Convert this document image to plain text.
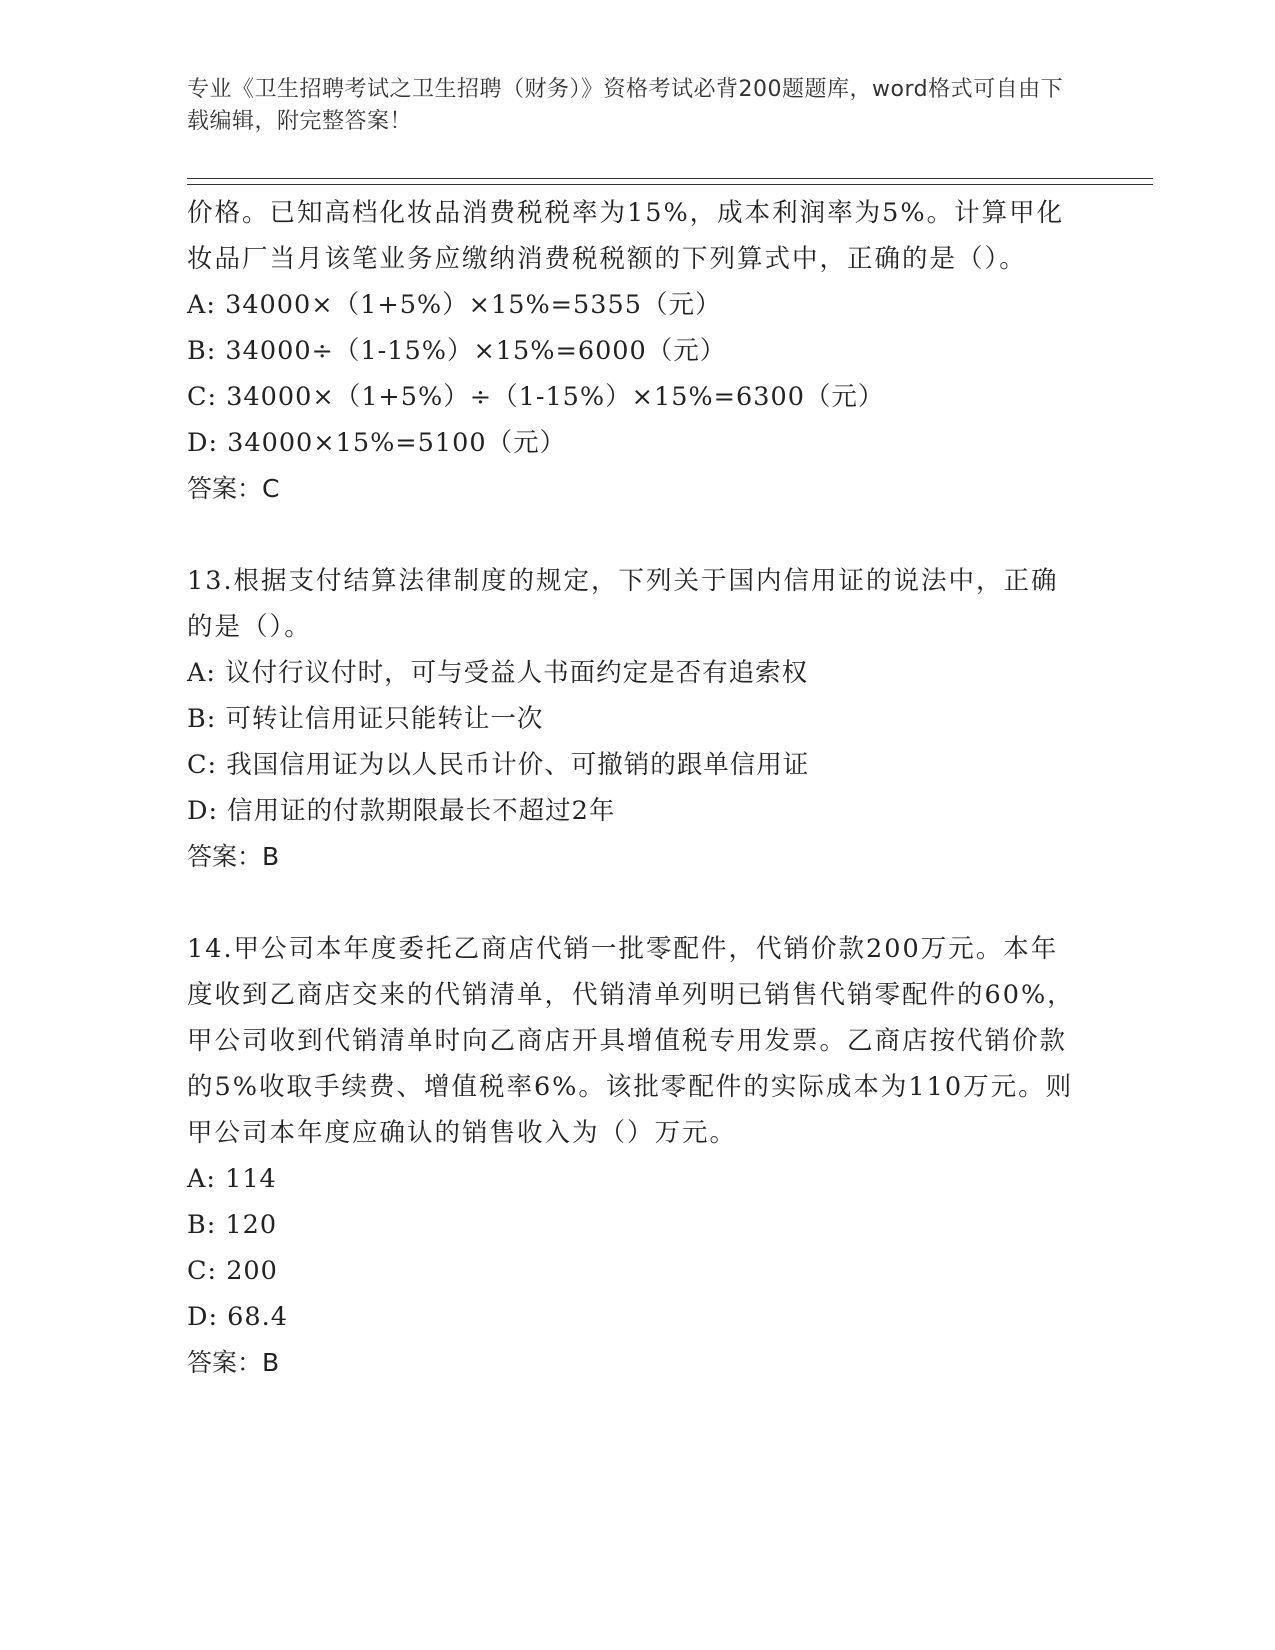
专业《卫生招聘考试之卫生招聘（财务）》资格考试必背200题题库，word格式可自由下载编辑，附完整答案！
价格。已知高档化妆品消费税税率为15%，成本利润率为5%。计算甲化妆品厂当月该笔业务应缴纳消费税税额的下列算式中，正确的是（）。
A: 34000×（1+5%）×15%=5355（元）
B: 34000÷（1-15%）×15%=6000（元）
C: 34000×（1+5%）÷（1-15%）×15%=6300（元）
D: 34000×15%=5100（元）
答案：C
13.根据支付结算法律制度的规定，下列关于国内信用证的说法中，正确的是（）。
A: 议付行议付时，可与受益人书面约定是否有追索权
B: 可转让信用证只能转让一次
C: 我国信用证为以人民币计价、可撤销的跟单信用证
D: 信用证的付款期限最长不超过2年
答案：B
14.甲公司本年度委托乙商店代销一批零配件，代销价款200万元。本年度收到乙商店交来的代销清单，代销清单列明已销售代销零配件的60%，甲公司收到代销清单时向乙商店开具增值税专用发票。乙商店按代销价款的5%收取手续费、增值税率6%。该批零配件的实际成本为110万元。则甲公司本年度应确认的销售收入为（）万元。
A: 114
B: 120
C: 200
D: 68.4
答案：B
